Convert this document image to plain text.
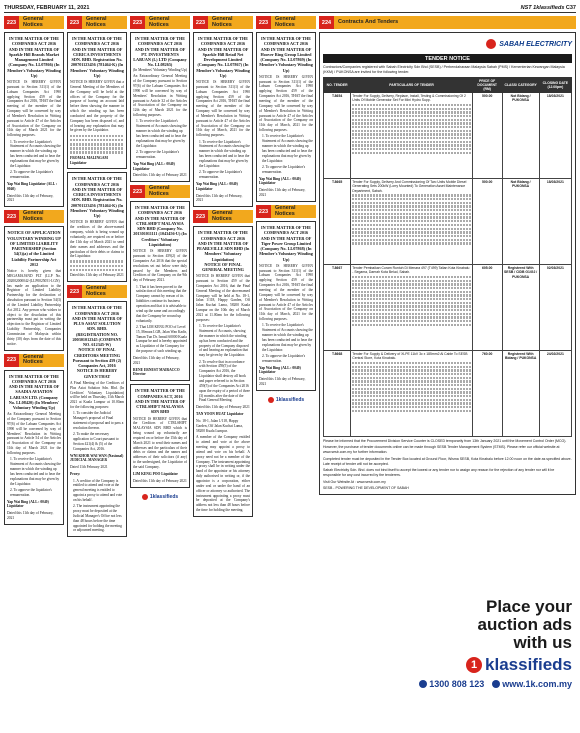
THURSDAY, FEBRUARY 11, 2021	NST 1klassifieds C37
223
General Notices
IN THE MATTER OF THE COMPANIES ACT 2016 AND IN THE MATTER OF Sparkle Hill Brands Market Management Limited (Company No. LL07866) (In Member's Voluntary Winding Up)
NOTICE IS HEREBY GIVEN pursuant to Section 311(1) of the Labuan Companies Act 1990 applying Section 459 of the Companies Act 2016, THAT the final meeting of the member of the Company will be convened by way of Member's Resolution in Writing pursuant to Article 47 of the Articles of Association of the Company on 11th day of March 2021 for the following purposes.
1. To receive the Liquidator's Statement of Accounts showing the manner in which the winding up has been conducted and to hear the explanations that may be given by the Liquidator.
2. To approve the Liquidator's remuneration.
Yap Wai Bing Liquidator (ALL : 0040)
Dated this 11th day of February, 2021
223
General Notices
NOTICE OF APPLICATION VOLUNTARY WINDING UP OF LIMITED LIABILITY PARTNERSHIP (Section 54(3)(a) of the Limited Liability Partnership Act 2012
Notice is hereby given that MEGAMAJAND PLT (LLP No. 202002000042-(LLP0025051-LGN) has made an application to the Registrar of Limited Liability Partnership for the declaration of dissolution pursuant to Section 54(3) of the Limited Liability Partnership Act 2012. Any person who wishes to object to the dissolution of this partnership must put in writing the objection to the Registrar of Limited Liability Partnership, Companies Commission of Malaysia within thirty (30) days from the date of this notice.
223
General Notices
IN THE MATTER OF THE COMPANIES ACT 2016 AND IN THE MATTER OF SAADIA AVIATION LABUAN LTD. (Company No. LL08420) (In Members' Voluntary Winding Up)
An Extraordinary General Meeting of the Company pursuant to Section 97(6) of the Labuan Companies Act 1990 will be convened by way of Members' Resolution in Writing pursuant to Article 54 of the Articles of Association of the Company on 11th day of March 2021 for the following purposes.
1. To receive the Liquidator's Statement of Accounts showing the manner in which the winding up has been conducted and to hear the explanations that may be given by the Liquidator.
2. To approve the liquidator's remuneration.
Yap Wai Bing (ALL : 0040) Liquidator
Dated this 11th day of February, 2021
223
General Notices
IN THE MATTER OF THE COMPANIES ACT 2016 AND IN THE MATTER OF CERICA INVESTMENTS SDN. BHD. Registration No. 200701123456 (781464-K) (In Members' Voluntary Winding Up)
NOTICE IS HEREBY GIVEN that a General Meeting of the Members of the Company will be held at the offices of the Company for the purpose of having an account laid before them showing the manner in which the winding up has been conducted and the property of the Company has been disposed of, and of hearing any explanation that may be given by the Liquidator.
FROMAL MALINGAM Liquidator
IN THE MATTER OF THE COMPANIES ACT 2016 AND IN THE MATTER OF CERICA INVESTMENTS SDN. BHD. Registration No. 200701123456 (781464-K) (In Members' Voluntary Winding Up)
NOTICE IS HEREBY GIVEN that the creditors of the above-named company, which is being wound up voluntarily, are required on or before the 11th day of March 2021 to send their names and addresses and the particulars of their debts or claims to the Liquidator.
Dated this 11th day of February 2021
223
General Notices
IN THE MATTER OF THE COMPANIES ACT 2016 AND IN THE MATTER OF PLUS ASIAT SOLUTION SDN. BHD. (REGISTRATION NO. 200301012345 (COMPANY NO. 612345-W)
NOTICE OF FINAL CREDITORS MEETING Pursuant to Section 459 (2) Companies Act, 2016
NOTICE IS HEREBY GIVEN THAT
A Final Meeting of the Creditors of Plus Asiat Solution Sdn. Bhd. (In Creditors' Voluntary Liquidation) will be held on Thursday, 11th March 2021 at Kuala Lumpur at 10.00am for the following purposes:
1. To consider the Judicial Manager's proposal of Final statement of proposal and to pass a resolution thereon.
2. To make the necessary application to Court pursuant to Section 421(4) & (5) of the Companies Act, 2016.
WNI KHOR WAI WAN (Nasional) JUDICIAL MANAGER
Dated 11th February 2021
Proxy:
1. A creditor of the Company is entitled to attend and vote at the general meeting is entitled to appoint a proxy to attend and vote on his behalf.
2. The instrument appointing the proxy must be deposited at the Judicial Manager's Office not less than 48 hours before the time appointed for holding the meeting or adjourned meeting.
223
General Notices
IN THE MATTER OF THE COMPANIES ACT 2016 AND IN THE MATTER OF PT. INVESTMENTS LABUAN (L) LTD (Company No. LL08265)
(In Members' Voluntary Winding Up)
An Extraordinary General Meeting of the Company pursuant to Section 97(6) of the Labuan Companies Act 1990 will be convened by way of Members' Resolution in Writing pursuant to Article 32 of the Articles of Association of the Company on 12th day of March 2021 for the following purposes.
1. To receive the Liquidator's Statement of Accounts showing the manner in which the winding up has been conducted and to hear the explanations that may be given by the Liquidator.
2. To approve the Liquidator's remuneration.
Yap Wai Bing (ALL : 0040) Liquidator
Dated this 11th day of February 2021
223
General Notices
IN THE MATTER OF THE COMPANIES ACT 2016 AND IN THE MATTER OF CTRLSHIFT MALAYSIA SDN BHD (Company No. 201301011111 (1043456-U) (In Creditors' Voluntary Liquidation)
NOTICE IS HEREBY GIVEN pursuant to Section 459(2) of the Companies Act 2016 that the special resolutions set out below were duly passed by the Members and Creditors of the Company on the 9th day of February 2021.
1. That it has been proved to the satisfaction of this meeting that the Company cannot by reason of its liabilities continue its business operation and that it is advisable to wind up the same and accordingly that the Company be wound up voluntarily.
2. That LIM KENG POO of Level 15, Menara LGB, Jalan Wan Kadir, Taman Tun Dr. Ismail 60000 Kuala Lumpur be and is hereby appointed as Liquidator of the Company for the purpose of such winding up.
Dated this 11th day of February, 2021
RENE ERNEST MAIRACCO Director
IN THE MATTER OF THE COMPANIES ACT, 2016 AND IN THE MATTER OF CTRLSHIFT MALAYSIA SDN BHD
NOTICE IS HEREBY GIVEN that the Creditors of CTRLSHIFT MALAYSIA SDN BHD which is being wound up voluntarily are required on or before the 15th day of March 2021 to send their names and addresses and the particulars of their debts or claims and the names and addresses of their solicitors (if any) to the undersigned, the Liquidator of the said Company.
LIM KENG POO Liquidator
Dated this 11th day of February 2021
1klassifieds
223
General Notices
IN THE MATTER OF THE COMPANIES ACT 2016 AND IN THE MATTER OF Sparkle Hill Retail Net Development Limited (Company No. LL07867) (In Member's Voluntary Winding Up)
NOTICE IS HEREBY GIVEN pursuant to Section 311(1) of the Labuan Companies Act 1990 applying Section 459 of the Companies Act 2016, THAT the final meeting of the member of the Company will be convened by way of Member's Resolution in Writing pursuant to Article 47 of the Articles of Association of the Company on 11th day of March, 2021 for the following purposes.
1. To receive the Liquidator's Statement of Accounts showing the manner in which the winding up has been conducted and to hear the explanations that may be given by the Liquidator.
2. To approve the Liquidator's remuneration.
Yap Wai Bing (ALL : 0040) Liquidator
Dated this 11th day of February, 2021
223
General Notices
IN THE MATTER OF THE COMPANIES ACT 2016 AND IN THE MATTER OF PEARLVILLE SDN BHD (In Members' Voluntary Liquidation)
NOTICE OF FINAL GENERAL MEETING
NOTICE IS HEREBY GIVEN that pursuant to Section 459 of the Companies Act 2016, that the Final General Meeting of the abovenamed Company will be held at No. 18-1, Jalan 1/118, Happy Garden, Off Jalan Kuchai Lama, 58200 Kuala Lumpur on the 10th day of March 2021 at 11.00am for the following purposes:
1. To receive the Liquidator's Statement of Accounts, showing the manner in which the winding up has been conducted and the property of the Company disposed of and hearing an explanation that may be given by the Liquidator.
2. To resolve that in accordance with Section 459(5) of the Companies Act 2016, the Liquidator shall destroy all book and paper referred to in Section 459(5) of the Companies Act 2016 upon the expiry of a period of three (3) months after the date of the Final General Meeting.
Dated this 11th day of February 2021
TAN YOON HUAT Liquidator
No. 18-1, Jalan 1/118, Happy Garden, Off Jalan Kuchai Lama, 58200 Kuala Lumpur.
A member of the Company entitled to attend and vote at the above meeting may appoint a proxy to attend and vote on his behalf. A proxy need not be a member of the Company. The instrument appointing a proxy shall be in writing under the hand of the appointor or his attorney duly authorised in writing or, if the appointor is a corporation, either under seal or under the hand of an officer or attorney so authorised. The instrument appointing a proxy must be deposited at the Company's address not less than 48 hours before the time for holding the meeting.
223
General Notices
IN THE MATTER OF THE COMPANIES ACT 2016 AND IN THE MATTER OF Hoover Ring Group Limited (Company No. LL07869) (In Member's Voluntary Winding Up)
NOTICE IS HEREBY GIVEN pursuant to Section 311(1) of the Labuan Companies Act 1990 applying Section 459 of the Companies Act 2016, THAT the final meeting of the member of the Company will be convened by way of Member's Resolution in Writing pursuant to Article 47 of the Articles of Association of the Company on 11th day of March, 2021 for the following purposes.
1. To receive the Liquidator's Statement of Accounts showing the manner in which the winding up has been conducted and to hear the explanations that may be given by the Liquidator.
2. To approve the Liquidator's remuneration.
Yap Wai Bing (ALL : 0040) Liquidator
Dated this 11th day of February, 2021
223
General Notices
IN THE MATTER OF THE COMPANIES ACT 2016 AND IN THE MATTER OF Tiger Power Group Limited (Company No. LL07868) (In Member's Voluntary Winding Up)
NOTICE IS HEREBY GIVEN pursuant to Section 311(1) of the Labuan Companies Act 1990 applying Section 459 of the Companies Act 2016, THAT the final meeting of the member of the Company will be convened by way of Member's Resolution in Writing pursuant to Article 47 of the Articles of Association of the Company on 11th day of March, 2021 for the following purposes.
1. To receive the Liquidator's Statement of Accounts showing the manner in which the winding up has been conducted and to hear the explanations that may be given by the Liquidator.
2. To approve the Liquidator's remuneration.
Yap Wai Bing (ALL : 0040) Liquidator
Dated this 11th day of February, 2021
1klassifieds
224	Contracts And Tenders
SABAH ELECTRICITY
TENDER NOTICE
Contractors/Companies registered with Sabah Electricity Sdn Bhd (SESB) / Perbendaharaan Malaysia Sabah (PMS) / Kementerian Kewangan Malaysia (KKM) / PUKONSA are invited for the following tender.
NO. TENDER	PARTICULARS OF TENDER	PRICE OF DOCUMENT (RM)	CLASS/ CATEGORY	CLOSING DATE (12.00pm)

T.8654	Tender For Supply, Delivery, Replace, Install, Testing & Commissioning Of 2 Units Of Mobile Generator Set For Mini Hydro Supp.	500.00	Not Bidang / PUKONSA	18/03/2021

T.8665	Tender For Supply, Delivery And Commissioning Of Two Units Mobile Diesel Generating Sets 200kW (Lorry Mounted) To Generation Asset Maintenance Department, Sabah.	500.00	Not Bidang / PUKONSA	18/03/2021

T.8667	Tender Pembaikan Curam Runtuh Di Menara 497 (T499) Talian Kota Kinabalu - Segama, Daerah Kota Belud, Sabah.	605.00	Registered With SESB / CIDB G1/G2 / PUKONSA	02/03/2021

T.8668	Tender For Supply & Delivery of XLPE 11kV 3c x 185mm2 Al Cable To SESB Central Store, Kota Kinabalu.	760.00	Registered With Bidang / PUKONSA	24/02/2021
Please be informed that the Procurement Division Service Counter is CLOSED temporarily from 13th January 2021 until the Movement Control Order (MCO).
However, the purchase of tender documents online can be made through SESB Tender Management System (STMS). Please refer our official website at www.sesb.com.my for further information.
Completed tender must be deposited in the Tender Box located at Ground Floor, Wisma SESB, Kota Kinabalu before 12.00 noon on the date as specified above. Late receipt of tender will not be accepted.
Sabah Electricity Sdn. Bhd. does not bind itself to accept the lowest or any tender nor to assign any reason for the rejection of any tender nor will it be responsible for any cost incurred by the tenderers.
Visit Our Website At : www.sesb.com.my
SESB - POWERING THE DEVELOPMENT OF SABAH
Place your
auction ads
with us
1 klassifieds
1300 808 123	www.1k.com.my
